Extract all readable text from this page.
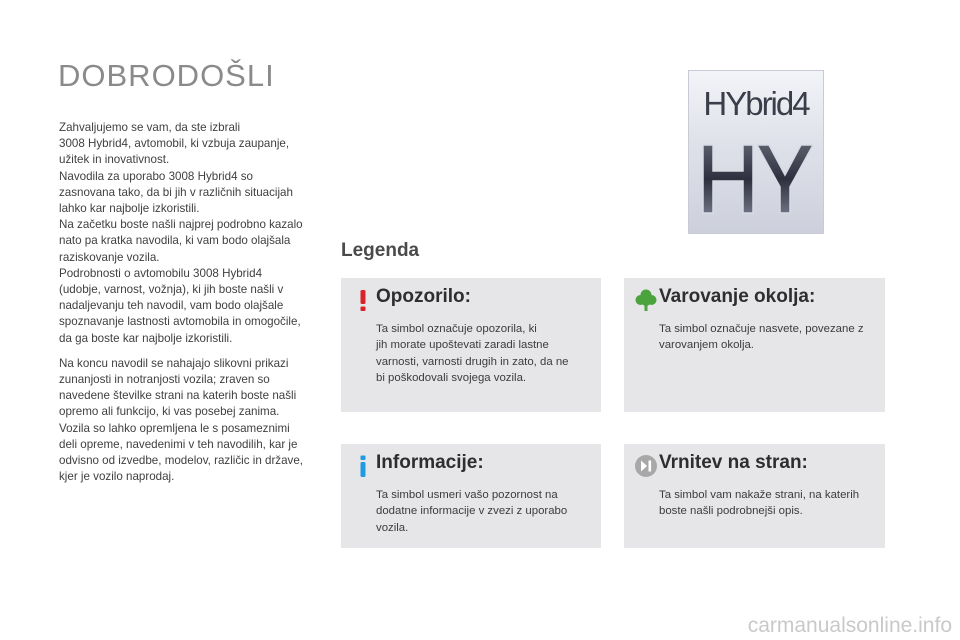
DOBRODOŠLI

Zahvaljujemo se vam, da ste izbrali
3008 Hybrid4, avtomobil, ki vzbuja zaupanje,
užitek in inovativnost.
Navodila za uporabo 3008 Hybrid4 so
zasnovana tako, da bi jih v različnih situacijah
lahko kar najbolje izkoristili.
Na začetku boste našli najprej podrobno kazalo
nato pa kratka navodila, ki vam bodo olajšala
raziskovanje vozila.
Podrobnosti o avtomobilu 3008 Hybrid4
(udobje, varnost, vožnja), ki jih boste našli v
nadaljevanju teh navodil, vam bodo olajšale
spoznavanje lastnosti avtomobila in omogočile,
da ga boste kar najbolje izkoristili.

Na koncu navodil se nahajajo slikovni prikazi
zunanjosti in notranjosti vozila; zraven so
navedene številke strani na katerih boste našli
opremo ali funkcijo, ki vas posebej zanima.
Vozila so lahko opremljena le s posameznimi
deli opreme, navedenimi v teh navodilih, kar je
odvisno od izvedbe, modelov, različic in države,
kjer je vozilo naprodaj.

HYbrid4
Legenda
Opozorilo:

Ta simbol označuje opozorila, ki
jih morate upoštevati zaradi lastne
varnosti, varnosti drugih in zato, da ne
bi poškodovali svojega vozila.

Varovanje okolja:

Ta simbol označuje nasvete, povezane z
varovanjem okolja.

Informacije:

Ta simbol usmeri vašo pozornost na
dodatne informacije v zvezi z uporabo
vozila.

Vrnitev na stran:

Ta simbol vam nakaže strani, na katerih
boste našli podrobnejši opis.

carmanualsonline.info
